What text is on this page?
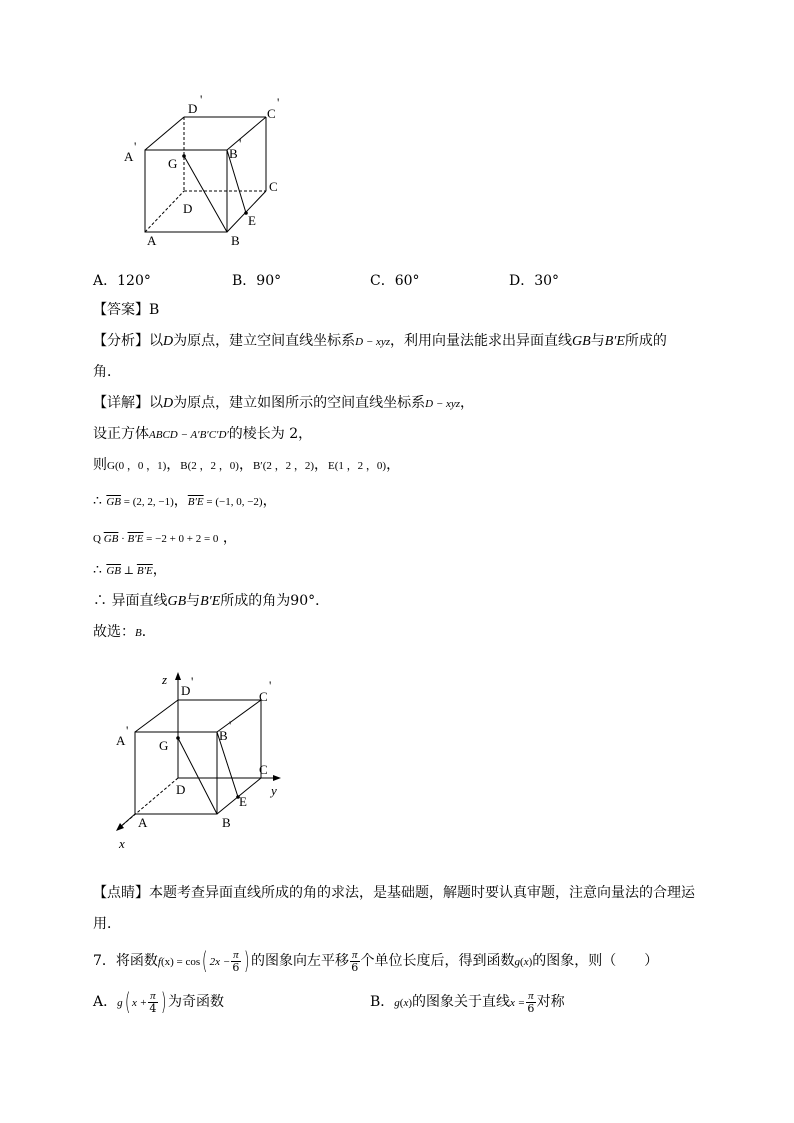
D
'
C
'
A
'	B
'
G
C
D
E
A	B
A．120°	B．90°	C．60°	D．30°
【答案】B
【分析】以D为原点，建立空间直线坐标系D − xyz，利用向量法能求出异面直线GB与B′E所成的
角．
【详解】以D为原点，建立如图所示的空间直线坐标系D − xyz，
设正方体ABCD − A′B′C′D′的棱长为 2，
则G(0 ，0 ，1)，B(2 ，2 ，0)，B′(2 ，2 ，2)，E(1 ，2 ，0)，
∴ $\overline{GB} = (2$, 2, −1)，B′E = (−1, 0, −2)，
Q $\overline{GB} \cdot B'E = -2 + 0 + 2 = 0$ ，
∴ $\overline{GB}$ ⊥ B′E，
∴ 异面直线GB与B′E所成的角为90°．
故选：B．
z
D
'
C
'
A
'	B
'
G
C
y
D
E
A	B
x
【点睛】本题考查异面直线所成的角的求法，是基础题，解题时要认真审题，注意向量法的合理运
用．
7．将函数f(x) = cos( $2x - \frac{\pi}{6}$ ) 的图象向左平移 $\frac{\pi}{6}$ 个单位长度后，得到函数g(x)的图象，则（　　）
A．g( $x + \frac{\pi}{4}$ ) 为奇函数	B．g(x)的图象关于直线$x = \frac{\pi}{6}$ 对称
